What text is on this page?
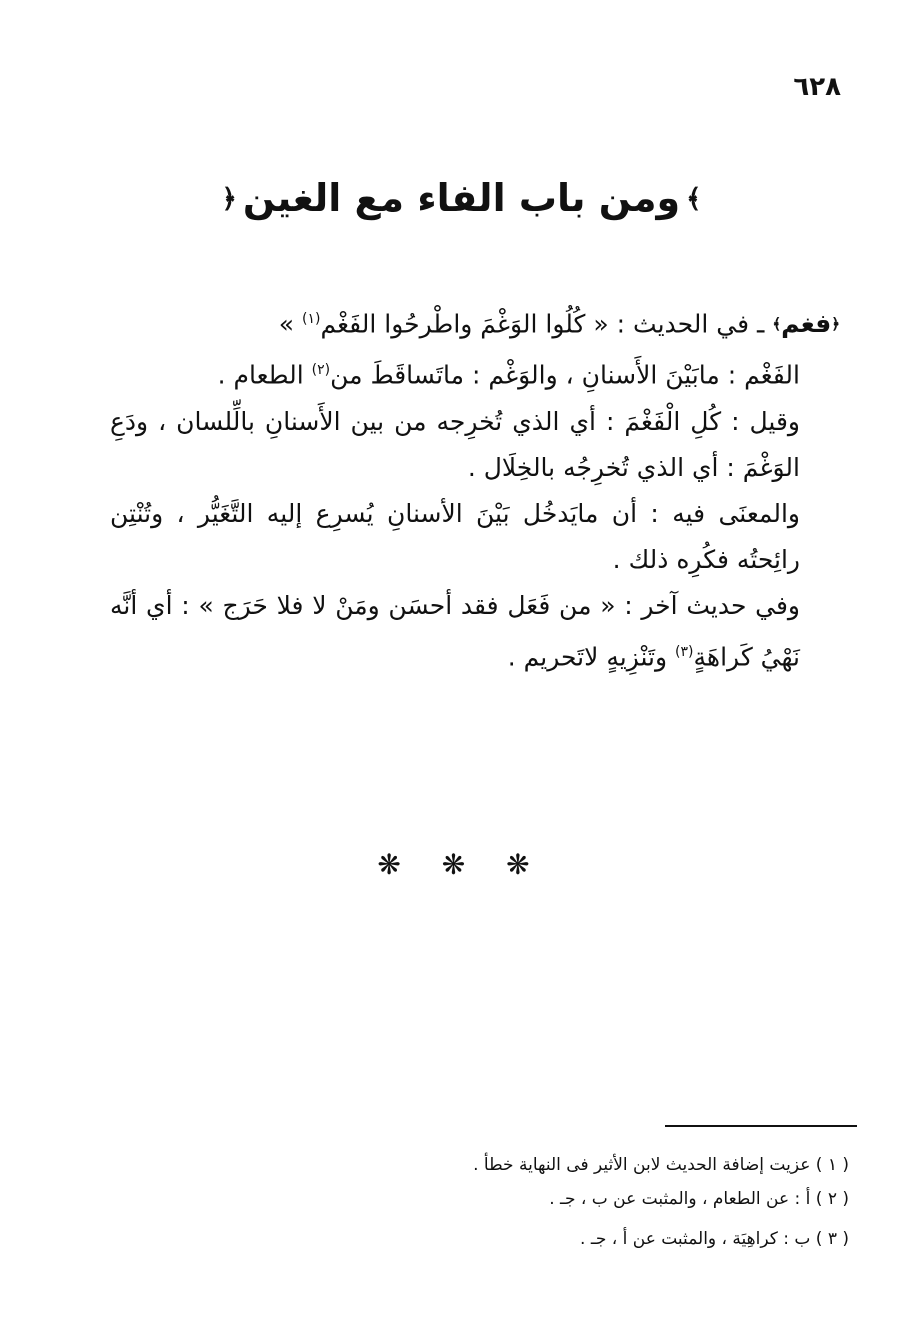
٦٢٨
﴾ومن باب الفاء مع الغين﴿

﴿فغم﴾ ـ في الحديث : « كُلُوا الوَغْمَ واطْرحُوا الفَغْم$^{(١)}$ »

الفَغْم : مابَيْنَ الأَسنانِ ، والوَغْم : ماتَساقَطَ من$^{(٢)}$ الطعام .

وقيل : كُلِ الْفَغْمَ : أي الذي تُخرِجه من بين الأَسنانِ بالِّلسان ، ودَعِ الوَغْمَ : أي الذي تُخرِجُه بالخِلَال .

والمعنَى فيه : أن مايَدخُل بَيْنَ الأسنانِ يُسرِع إليه التَّغَيُّر ، وتُنْتِن رائِحتُه فكُرِه ذلك .

وفي حديث آخر : « من فَعَل فقد أحسَن ومَنْ لا فلا حَرَج » : أي أنَّه نَهْيُ كَراهَةٍ$^{(٣)}$ وتَنْزِيهٍ لاتَحريم .

❋ ❋ ❋

( ١ ) عزيت إضافة الحديث لابن الأثير فى النهاية خطأ .

( ٢ ) أ : عن الطعام ، والمثبت عن ب ، جـ .

( ٣ ) ب : كراهِيَة ، والمثبت عن أ ، جـ .
